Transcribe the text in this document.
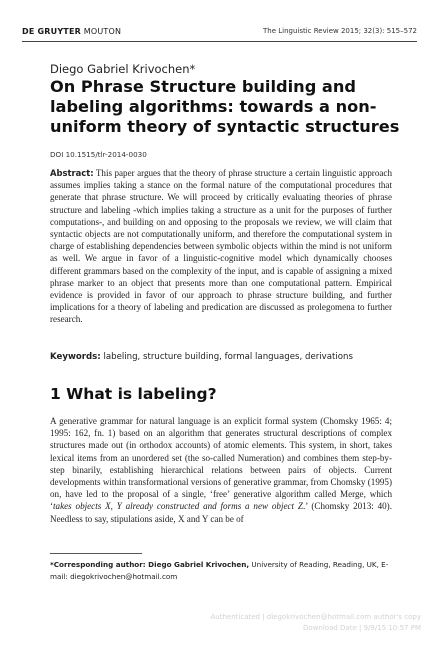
DE GRUYTER MOUTON	The Linguistic Review 2015; 32(3): 515–572
Diego Gabriel Krivochen*
On Phrase Structure building and labeling algorithms: towards a non-uniform theory of syntactic structures
DOI 10.1515/tlr-2014-0030
Abstract: This paper argues that the theory of phrase structure a certain linguistic approach assumes implies taking a stance on the formal nature of the computational procedures that generate that phrase structure. We will proceed by critically evaluating theories of phrase structure and labeling -which implies taking a structure as a unit for the purposes of further computations-, and building on and opposing to the proposals we review, we will claim that syntactic objects are not computationally uniform, and therefore the computational system in charge of establishing dependencies between symbolic objects within the mind is not uniform as well. We argue in favor of a linguistic-cognitive model which dynamically chooses different grammars based on the complexity of the input, and is capable of assigning a mixed phrase marker to an object that presents more than one computational pattern. Empirical evidence is provided in favor of our approach to phrase structure building, and further implications for a theory of labeling and predication are discussed as prolegomena to further research.
Keywords: labeling, structure building, formal languages, derivations
1 What is labeling?
A generative grammar for natural language is an explicit formal system (Chomsky 1965: 4; 1995: 162, fn. 1) based on an algorithm that generates structural descriptions of complex structures made out (in orthodox accounts) of atomic elements. This system, in short, takes lexical items from an unordered set (the so-called Numeration) and combines them step-by-step binarily, establishing hierarchical relations between pairs of objects. Current developments within transformational versions of generative grammar, from Chomsky (1995) on, have led to the proposal of a single, ‘free’ generative algorithm called Merge, which ‘takes objects X, Y already constructed and forms a new object Z.’ (Chomsky 2013: 40). Needless to say, stipulations aside, X and Y can be of
*Corresponding author: Diego Gabriel Krivochen, University of Reading, Reading, UK, E-mail: diegokrivochen@hotmail.com
Authenticated | diegokrivochen@hotmail.com author's copy
Download Date | 9/9/15 10:57 PM
